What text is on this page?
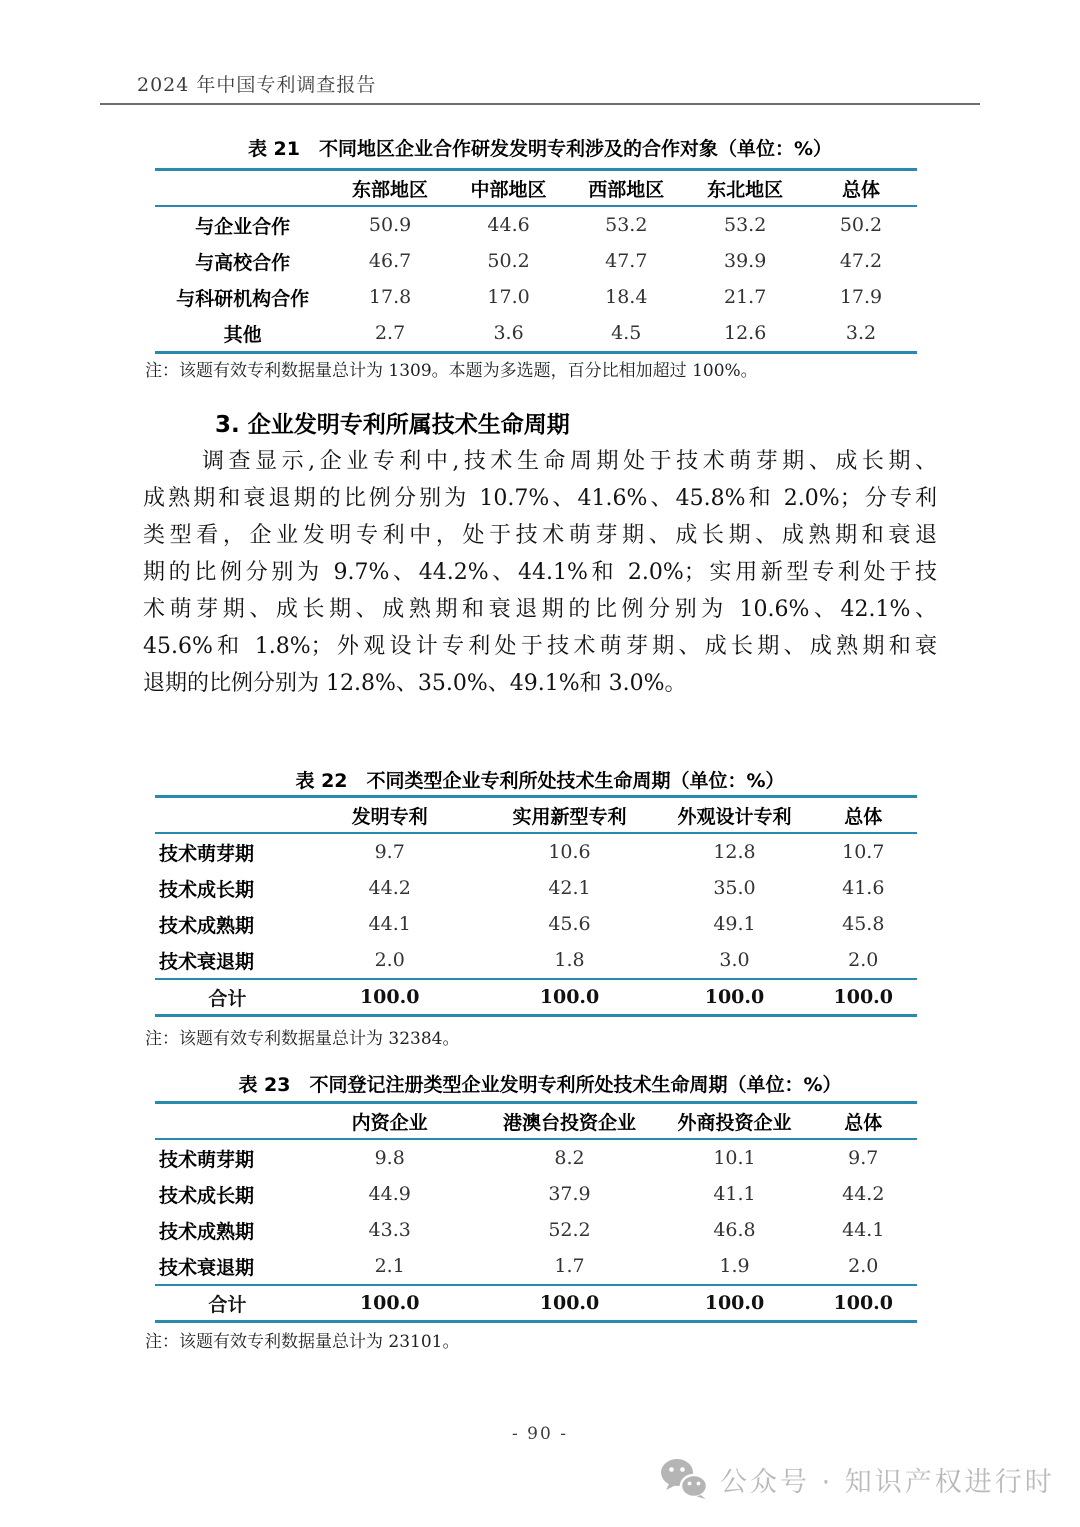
2024 年中国专利调查报告
表 21　不同地区企业合作研发发明专利涉及的合作对象（单位：%）
	东部地区	中部地区	西部地区	东北地区	总体
与企业合作	50.9	44.6	53.2	53.2	50.2
与高校合作	46.7	50.2	47.7	39.9	47.2
与科研机构合作	17.8	17.0	18.4	21.7	17.9
其他	2.7	3.6	4.5	12.6	3.2
注：该题有效专利数据量总计为 1309。本题为多选题，百分比相加超过 100%。
3. 企业发明专利所属技术生命周期
调查显示,企业专利中,技术生命周期处于技术萌芽期、成长期、
成熟期和衰退期的比例分别为 10.7%、41.6%、45.8%和 2.0%；分专利
类型看，企业发明专利中，处于技术萌芽期、成长期、成熟期和衰退
期的比例分别为 9.7%、44.2%、44.1%和 2.0%；实用新型专利处于技
术萌芽期、成长期、成熟期和衰退期的比例分别为 10.6%、42.1%、
45.6%和 1.8%；外观设计专利处于技术萌芽期、成长期、成熟期和衰
退期的比例分别为 12.8%、35.0%、49.1%和 3.0%。
表 22　不同类型企业专利所处技术生命周期（单位：%）
	发明专利	实用新型专利	外观设计专利	总体
技术萌芽期	9.7	10.6	12.8	10.7
技术成长期	44.2	42.1	35.0	41.6
技术成熟期	44.1	45.6	49.1	45.8
技术衰退期	2.0	1.8	3.0	2.0
合计	100.0	100.0	100.0	100.0
注：该题有效专利数据量总计为 32384。
表 23　不同登记注册类型企业发明专利所处技术生命周期（单位：%）
	内资企业	港澳台投资企业	外商投资企业	总体
技术萌芽期	9.8	8.2	10.1	9.7
技术成长期	44.9	37.9	41.1	44.2
技术成熟期	43.3	52.2	46.8	44.1
技术衰退期	2.1	1.7	1.9	2.0
合计	100.0	100.0	100.0	100.0
注：该题有效专利数据量总计为 23101。
- 90 -
公众号 · 知识产权进行时
